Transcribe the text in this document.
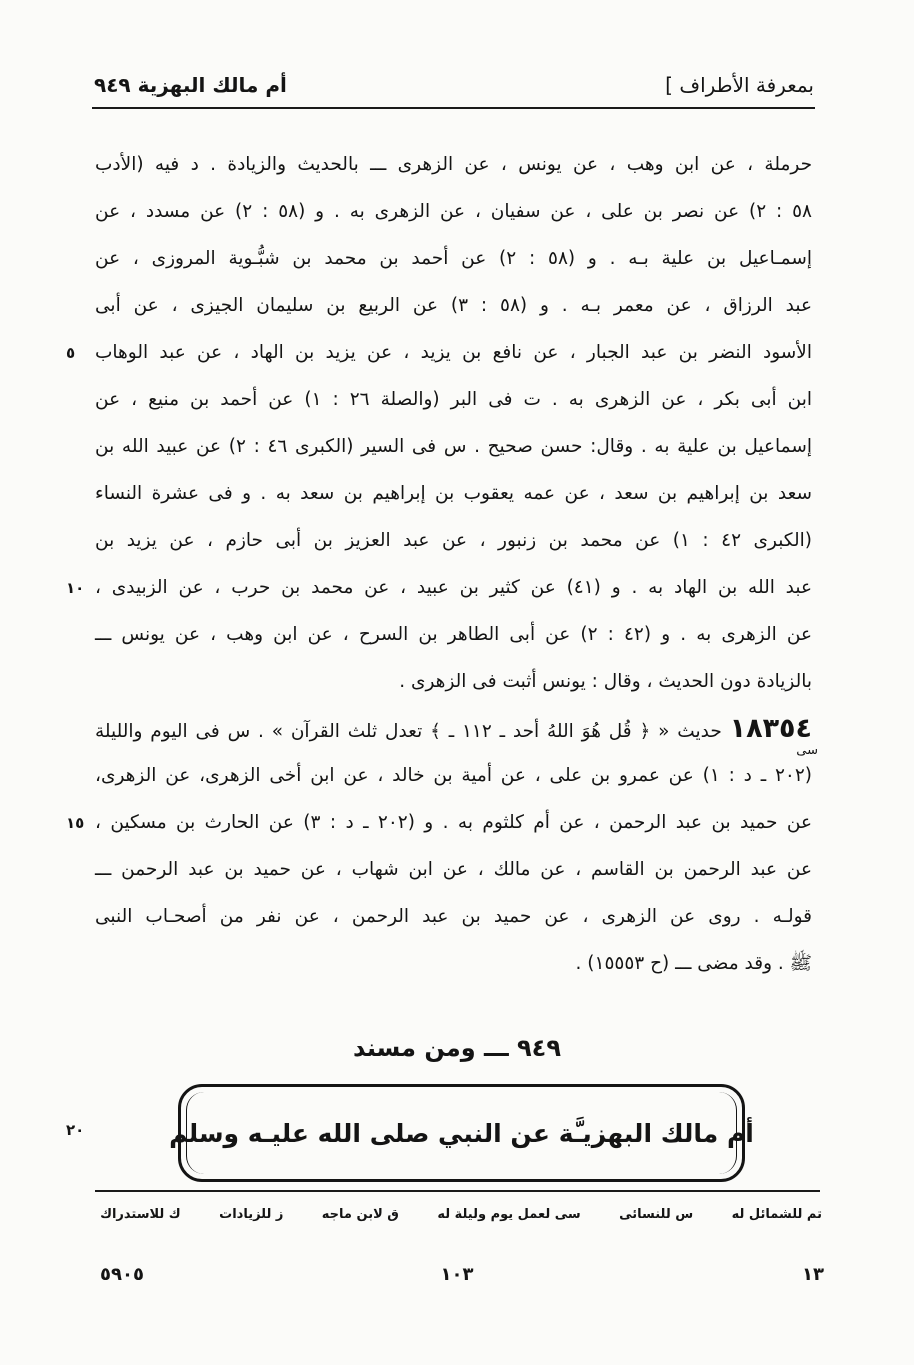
بمعرفة الأطراف ]
أم مالك البهزية ٩٤٩
حرملة ، عن ابن وهب ، عن يونس ، عن الزهرى ـــ بالحديث والزيادة . د فيه (الأدب
٥٨ : ٢) عن نصر بن على ، عن سفيان ، عن الزهرى به . و (٥٨ : ٢) عن مسدد ، عن
إسمـاعيل بن علية بـه . و (٥٨ : ٢) عن أحمد بن محمد بن شبُّـوية المروزى ، عن
عبد الرزاق ، عن معمر بـه . و (٥٨ : ٣) عن الربيع بن سليمان الجيزى ، عن أبى
الأسود النضر بن عبد الجبار ، عن نافع بن يزيد ، عن يزيد بن الهاد ، عن عبد الوهاب
ابن أبى بكر ، عن الزهرى به . ت فى البر (والصلة ٢٦ : ١) عن أحمد بن منيع ، عن
إسماعيل بن علية به . وقال: حسن صحيح . س فى السير (الكبرى ٤٦ : ٢) عن عبيد الله بن
سعد بن إبراهيم بن سعد ، عن عمه يعقوب بن إبراهيم بن سعد به . و فى عشرة النساء
(الكبرى ٤٢ : ١) عن محمد بن زنبور ، عن عبد العزيز بن أبى حازم ، عن يزيد بن
عبد الله بن الهاد به . و (٤١) عن كثير بن عبيد ، عن محمد بن حرب ، عن الزبيدى ،
عن الزهرى به . و (٤٢ : ٢) عن أبى الطاهر بن السرح ، عن ابن وهب ، عن يونس ـــ
بالزيادة دون الحديث ، وقال : يونس أثبت فى الزهرى .
١٨٣٥٤ حديث « ﴿ قُل هُوَ اللهُ أحد ـ ١١٢ ـ ﴾ تعدل ثلث القرآن » . س فى اليوم والليلة
(٢٠٢ ـ د : ١) عن عمرو بن على ، عن أمية بن خالد ، عن ابن أخى الزهرى، عن الزهرى،
عن حميد بن عبد الرحمن ، عن أم كلثوم به . و (٢٠٢ ـ د : ٣) عن الحارث بن مسكين ،
عن عبد الرحمن بن القاسم ، عن مالك ، عن ابن شهاب ، عن حميد بن عبد الرحمن ـــ
قولـه . روى عن الزهرى ، عن حميد بن عبد الرحمن ، عن نفر من أصحـاب النبى
ﷺ . وقد مضى ـــ (ح ١٥٥٥٣) .
سى
٥
١٠
١٥
٩٤٩ ـــ ومن مسند
أم مالك البهزيـَّة عن النبي صلى الله عليـه وسلم
٢٠
تم للشمائل له
س للنسائى
سى لعمل يوم وليلة له
ق لابن ماجه
ز للزيادات
ك للاستدراك
١٣
١٠٣
٥٩٠٥
